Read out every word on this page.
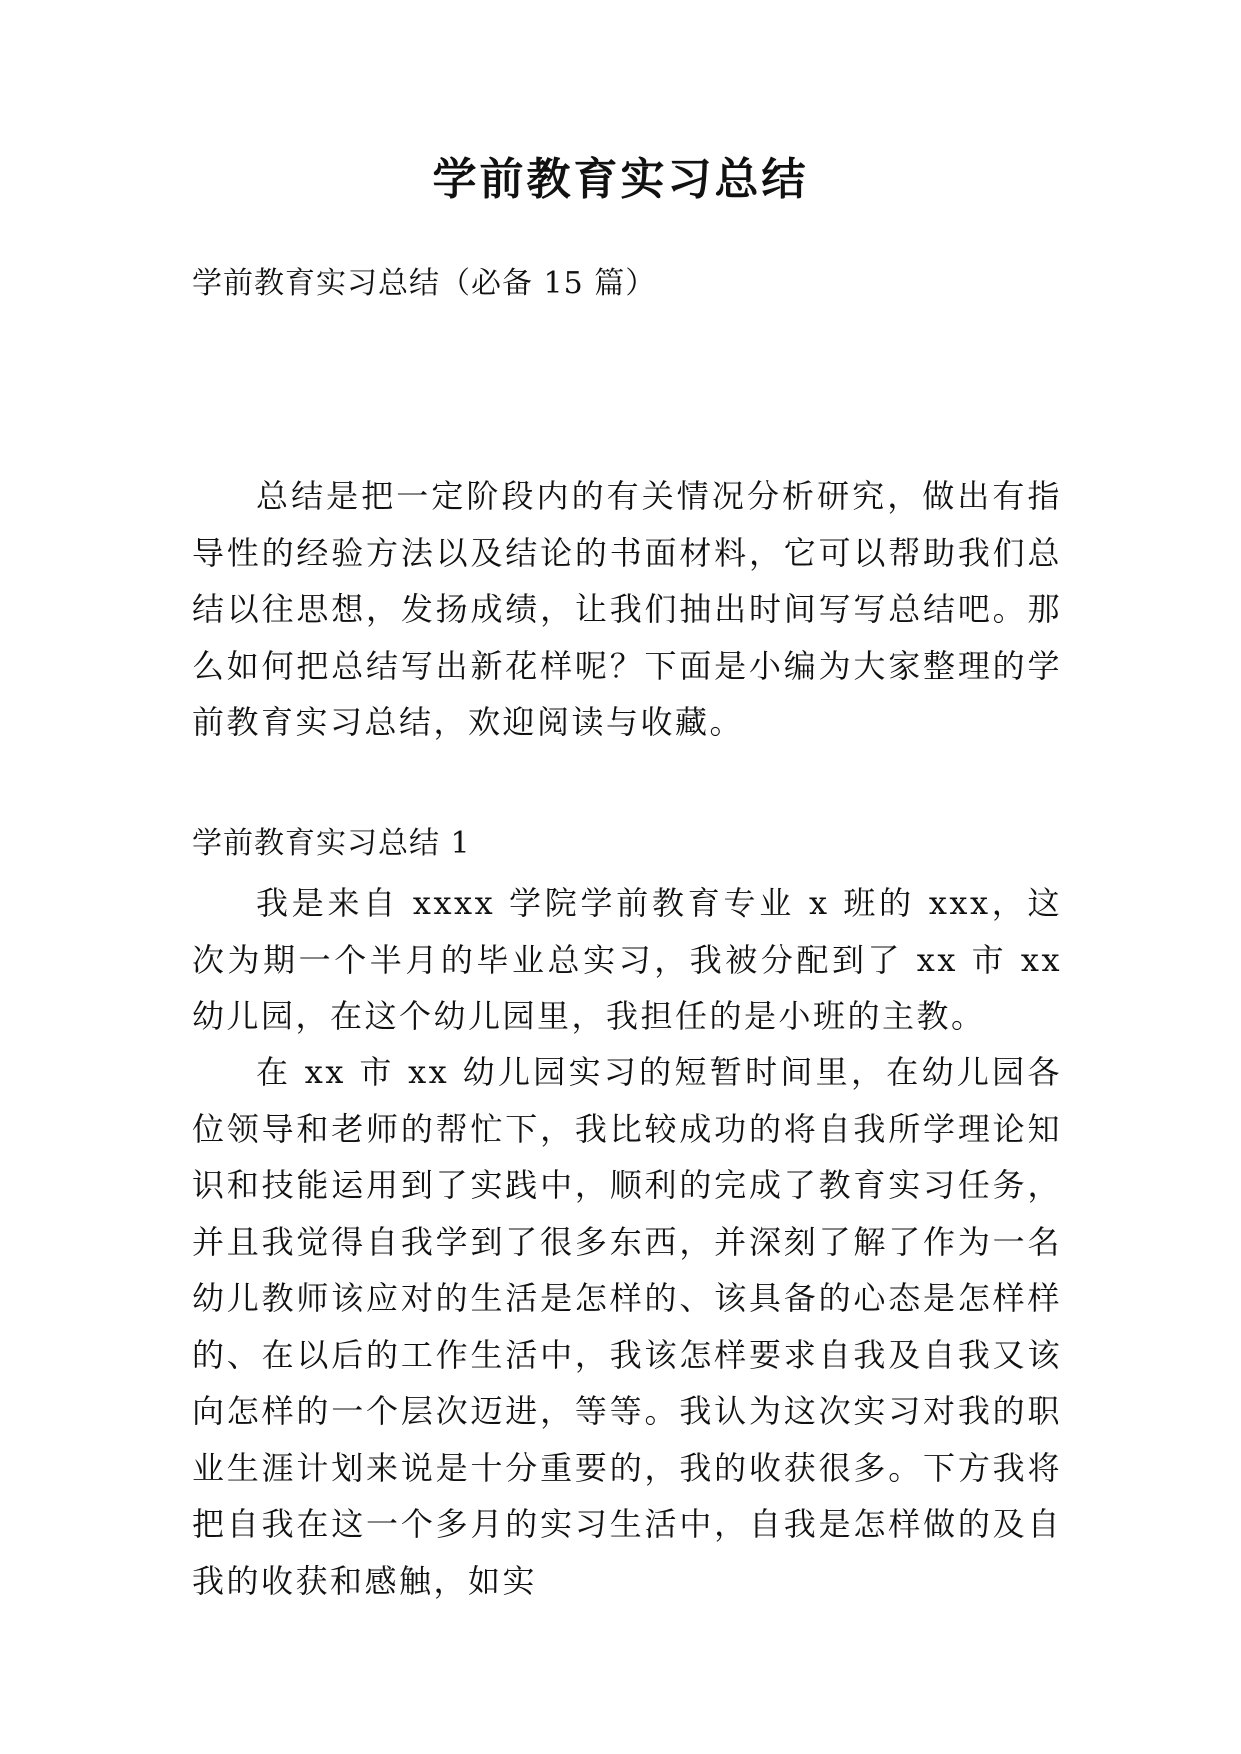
学前教育实习总结

学前教育实习总结（必备 15 篇）

总结是把一定阶段内的有关情况分析研究，做出有指导性的经验方法以及结论的书面材料，它可以帮助我们总结以往思想，发扬成绩，让我们抽出时间写写总结吧。那么如何把总结写出新花样呢？下面是小编为大家整理的学前教育实习总结，欢迎阅读与收藏。

学前教育实习总结 1

我是来自 xxxx 学院学前教育专业 x 班的 xxx，这次为期一个半月的毕业总实习，我被分配到了 xx 市 xx 幼儿园，在这个幼儿园里，我担任的是小班的主教。

在 xx 市 xx 幼儿园实习的短暂时间里，在幼儿园各位领导和老师的帮忙下，我比较成功的将自我所学理论知识和技能运用到了实践中，顺利的完成了教育实习任务，并且我觉得自我学到了很多东西，并深刻了解了作为一名幼儿教师该应对的生活是怎样的、该具备的心态是怎样样的、在以后的工作生活中，我该怎样要求自我及自我又该向怎样的一个层次迈进，等等。我认为这次实习对我的职业生涯计划来说是十分重要的，我的收获很多。下方我将把自我在这一个多月的实习生活中，自我是怎样做的及自我的收获和感触，如实
